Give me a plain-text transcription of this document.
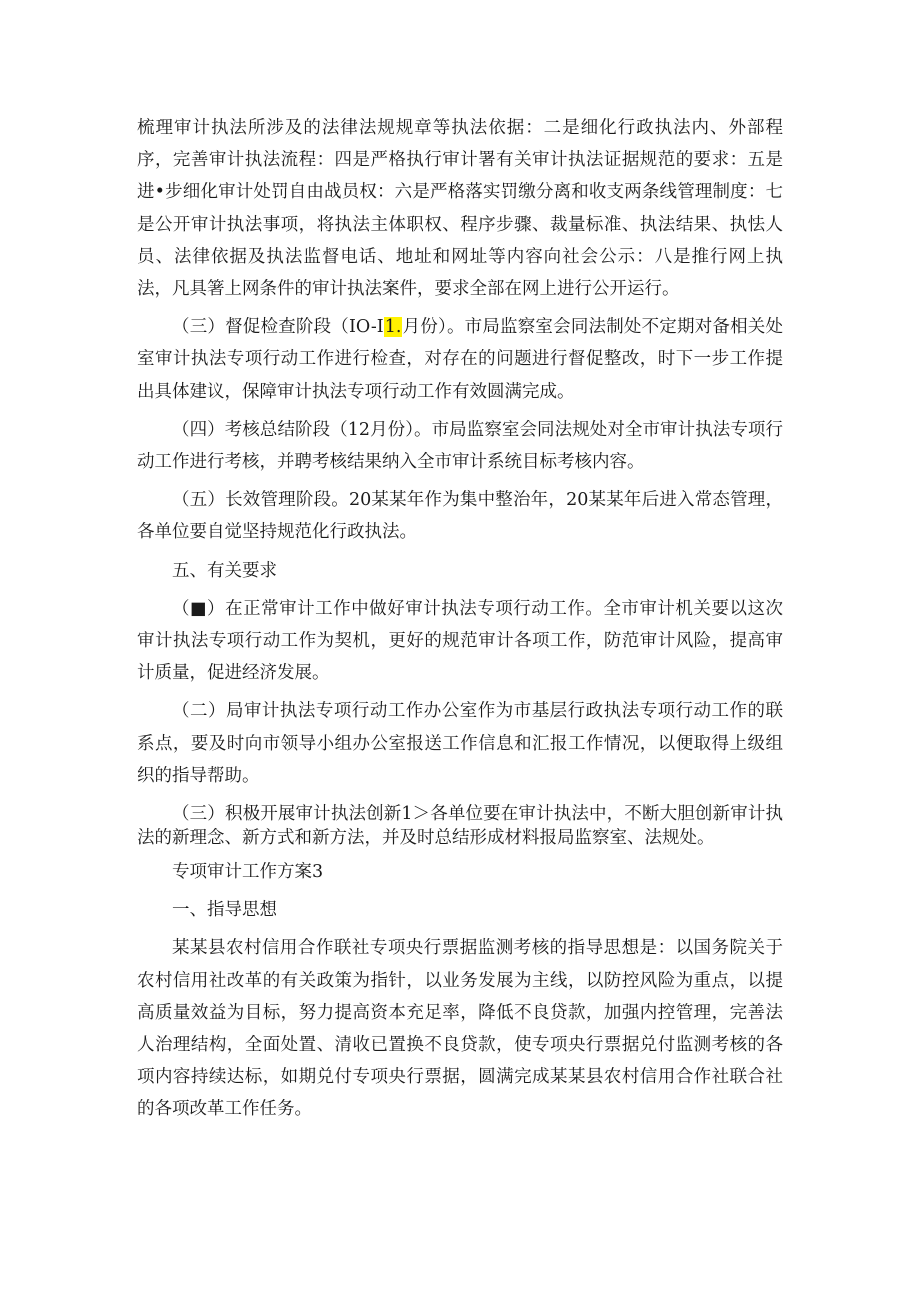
梳理审计执法所涉及的法律法规规章等执法依据：二是细化行政执法内、外部程序，完善审计执法流程：四是严格执行审计署有关审计执法证据规范的要求：五是进•步细化审计处罚自由战员权：六是严格落实罚缴分离和收支两条线管理制度：七是公开审计执法事项，将执法主体职权、程序步骤、裁量标准、执法结果、执怯人员、法律依据及执法监督电话、地址和网址等内容向社会公示：八是推行网上执法，凡具箸上网条件的审计执法案件，要求全部在网上进行公开运行。

（三）督促检查阶段（IO-I1.月份）。市局监察室会同法制处不定期对备相关处室审计执法专项行动工作进行检查，对存在的问题进行督促整改，时下一步工作提出具体建议，保障审计执法专项行动工作有效圆满完成。

（四）考核总结阶段（12月份）。市局监察室会同法规处对全市审计执法专项行动工作进行考核，并聘考核结果纳入全市审计系统目标考核内容。

（五）长效管理阶段。20某某年作为集中整治年，20某某年后进入常态管理，各单位要自觉坚持规范化行政执法。

五、有关要求

（■）在正常审计工作中做好审计执法专项行动工作。全市审计机关要以这次审计执法专项行动工作为契机，更好的规范审计各项工作，防范审计风险，提高审计质量，促进经济发展。

（二）局审计执法专项行动工作办公室作为市基层行政执法专项行动工作的联系点，要及时向市领导小组办公室报送工作信息和汇报工作情况，以便取得上级组织的指导帮助。

（三）积极开展审计执法创新1＞各单位要在审计执法中，不断大胆创新审计执法的新理念、新方式和新方法，并及时总结形成材料报局监察室、法规处。

专项审计工作方案3

一、指导思想

某某县农村信用合作联社专项央行票据监测考核的指导思想是：以国务院关于农村信用社改革的有关政策为指针，以业务发展为主线，以防控风险为重点，以提高质量效益为目标，努力提高资本充足率，降低不良贷款，加强内控管理，完善法人治理结构，全面处置、清收已置换不良贷款，使专项央行票据兑付监测考核的各项内容持续达标，如期兑付专项央行票据，圆满完成某某县农村信用合作社联合社的各项改革工作任务。
